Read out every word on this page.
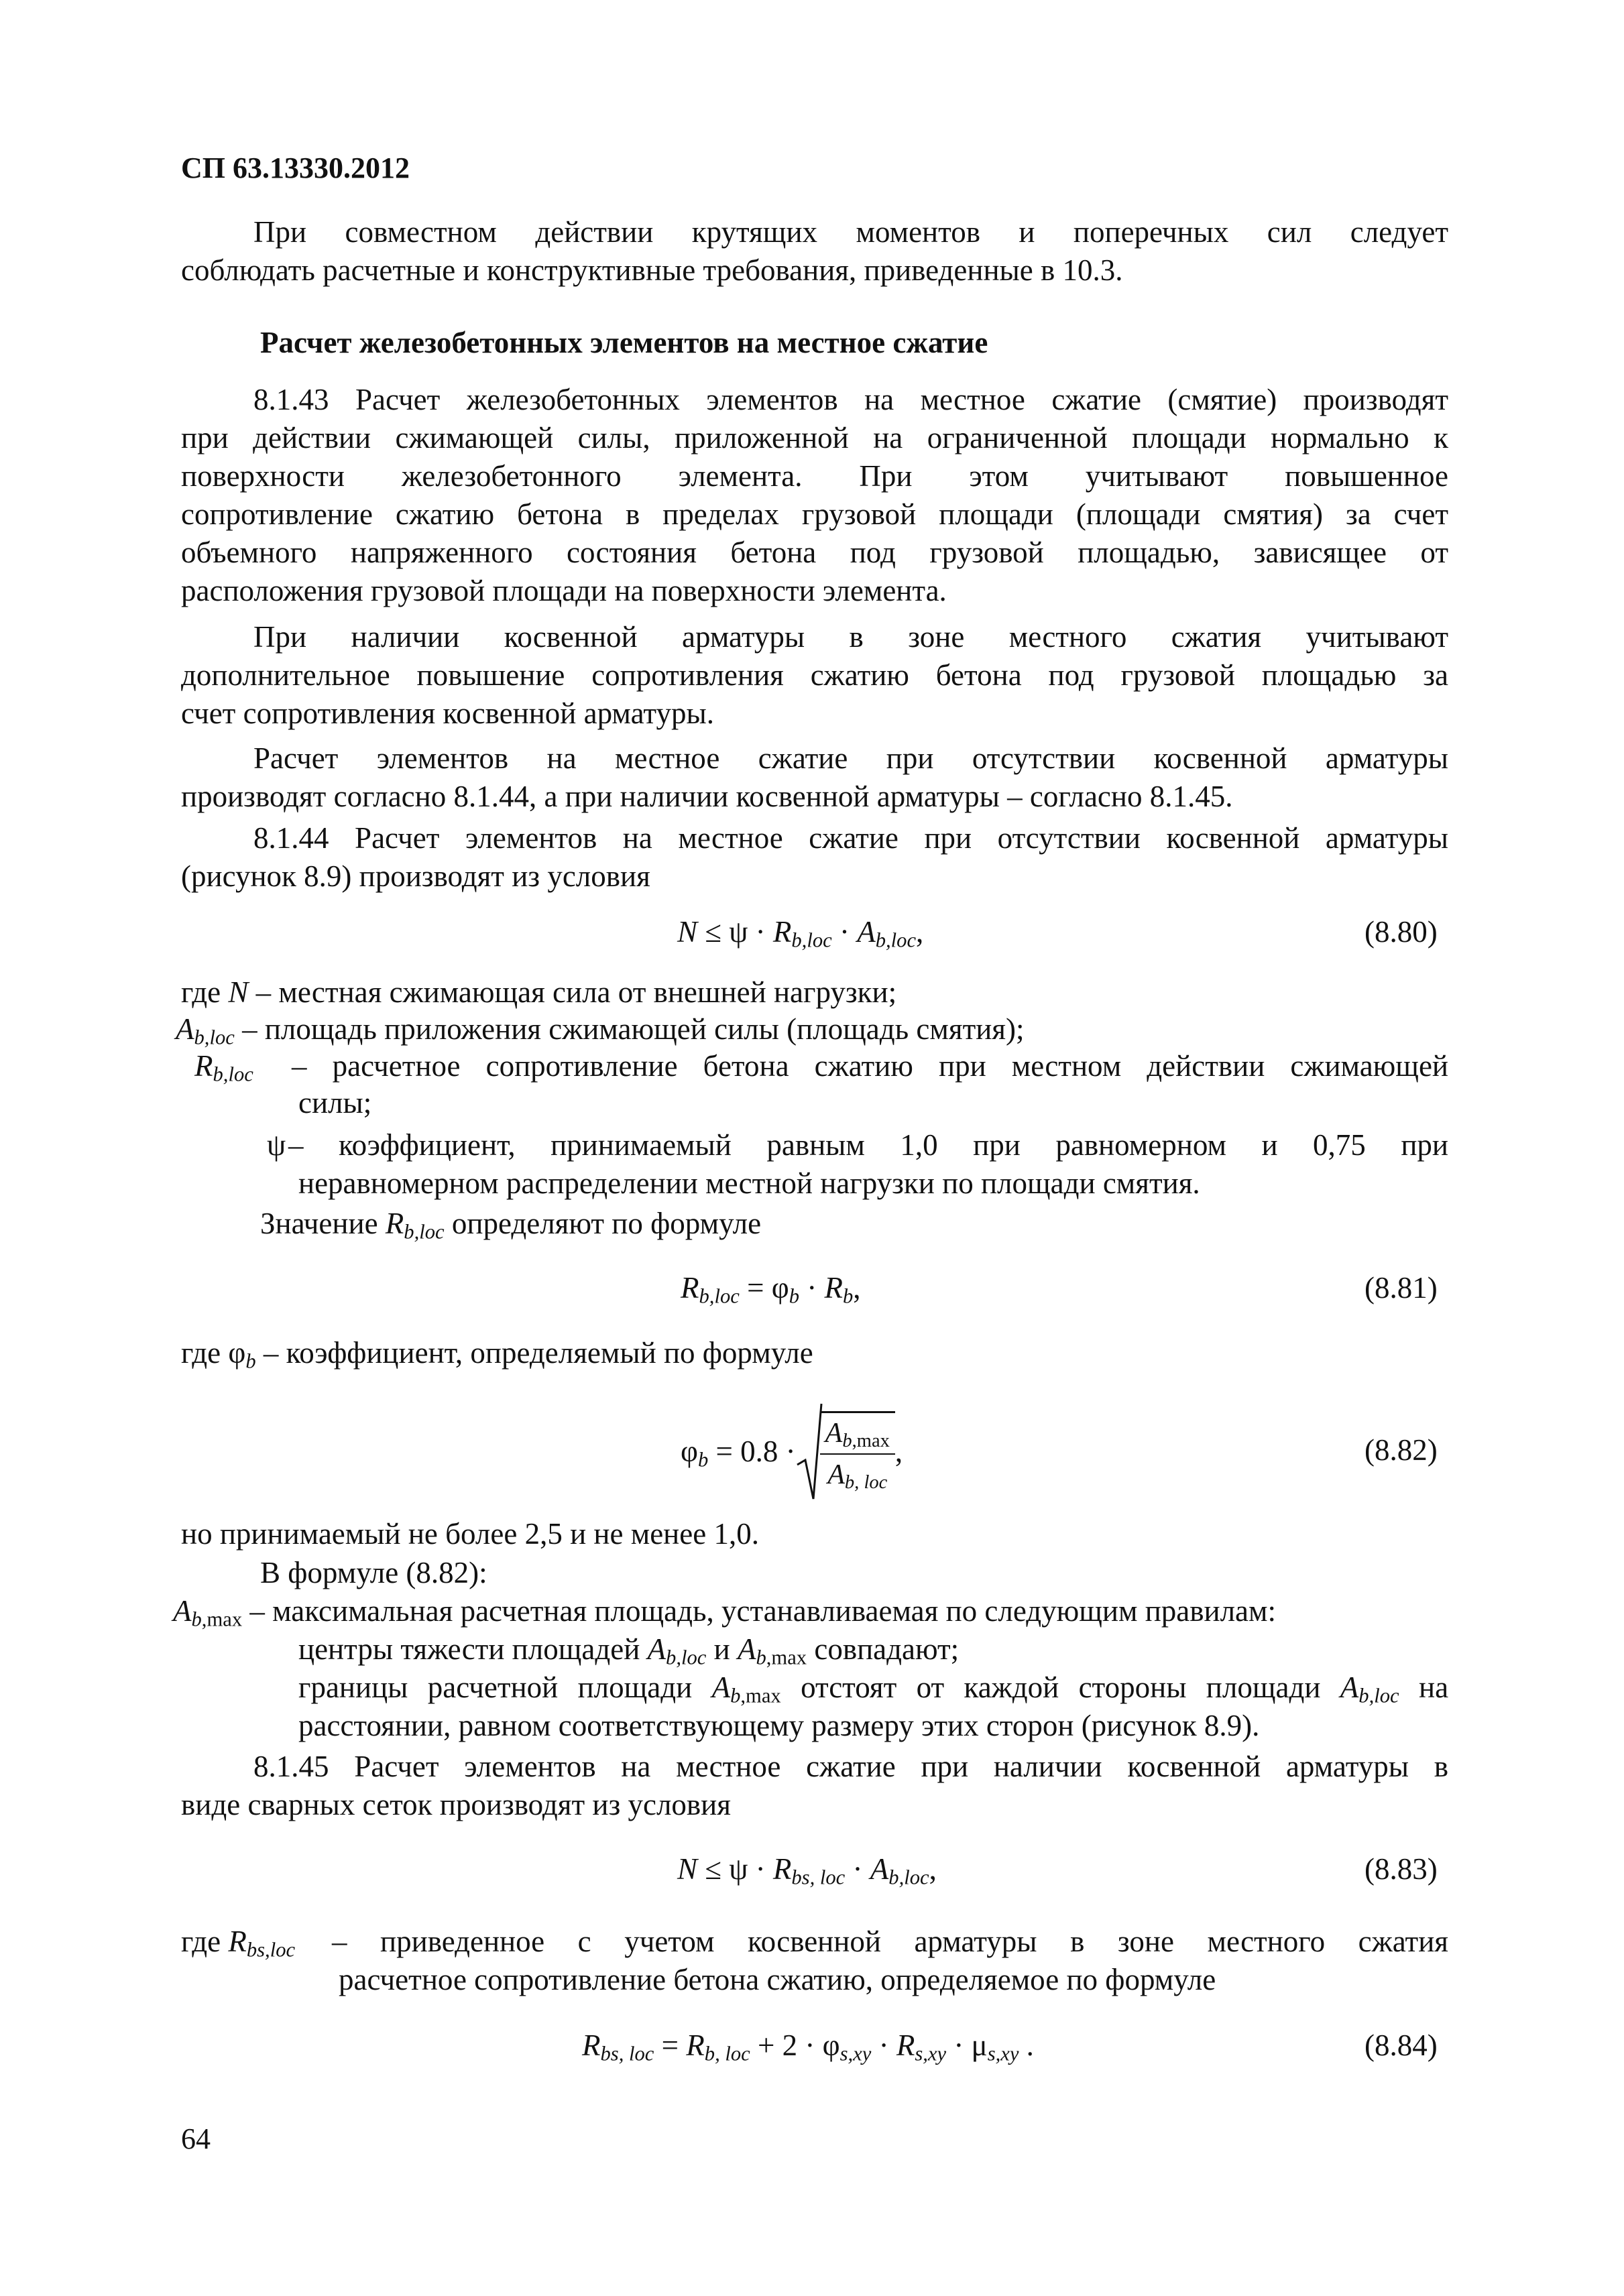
СП 63.13330.2012
При совместном действии крутящих моментов и поперечных сил следует
соблюдать расчетные и конструктивные требования, приведенные в 10.3.
Расчет железобетонных элементов на местное сжатие
8.1.43 Расчет железобетонных элементов на местное сжатие (смятие) производят
при действии сжимающей силы, приложенной на ограниченной площади нормально к
поверхности железобетонного элемента. При этом учитывают повышенное
сопротивление сжатию бетона в пределах грузовой площади (площади смятия) за счет
объемного напряженного состояния бетона под грузовой площадью, зависящее от
расположения грузовой площади на поверхности элемента.
При наличии косвенной арматуры в зоне местного сжатия учитывают
дополнительное повышение сопротивления сжатию бетона под грузовой площадью за
счет сопротивления косвенной арматуры.
Расчет элементов на местное сжатие при отсутствии косвенной арматуры
производят согласно 8.1.44, а при наличии косвенной арматуры – согласно 8.1.45.
8.1.44 Расчет элементов на местное сжатие при отсутствии косвенной арматуры
(рисунок 8.9) производят из условия
$N \le \psi \cdot R_{b,loc} \cdot A_{b,loc}$,	(8.80)
где N – местная сжимающая сила от внешней нагрузки;
$A_{b,loc}$ – площадь приложения сжимающей силы (площадь смятия);
$R_{b,loc}$ – расчетное сопротивление бетона сжатию при местном действии сжимающей
силы;
ψ – коэффициент, принимаемый равным 1,0 при равномерном и 0,75 при
неравномерном распределении местной нагрузки по площади смятия.
Значение $R_{b,loc}$ определяют по формуле
$R_{b,loc} = \varphi_b \cdot R_b$,	(8.81)
где $\varphi_b$ – коэффициент, определяемый по формуле
$\varphi_b = 0.8 \cdot \frac{A_{b,max}}{A_{b, loc}}$ ,	(8.82)
но принимаемый не более 2,5 и не менее 1,0.
В формуле (8.82):
$A_{b,max}$ – максимальная расчетная площадь, устанавливаемая по следующим правилам:
центры тяжести площадей $A_{b,loc}$ и $A_{b,max}$ совпадают;
границы расчетной площади $A_{b,max}$ отстоят от каждой стороны площади $A_{b,loc}$ на
расстоянии, равном соответствующему размеру этих сторон (рисунок 8.9).
8.1.45 Расчет элементов на местное сжатие при наличии косвенной арматуры в
виде сварных сеток производят из условия
$N \le \psi \cdot R_{bs, loc} \cdot A_{b,loc}$,	(8.83)
где $R_{bs,loc}$ – приведенное с учетом косвенной арматуры в зоне местного сжатия
расчетное сопротивление бетона сжатию, определяемое по формуле
$R_{bs, loc} = R_{b, loc} + 2 \cdot \varphi_{s,xy} \cdot R_{s,xy} \cdot \mu_{s,xy}$ .	(8.84)
64
